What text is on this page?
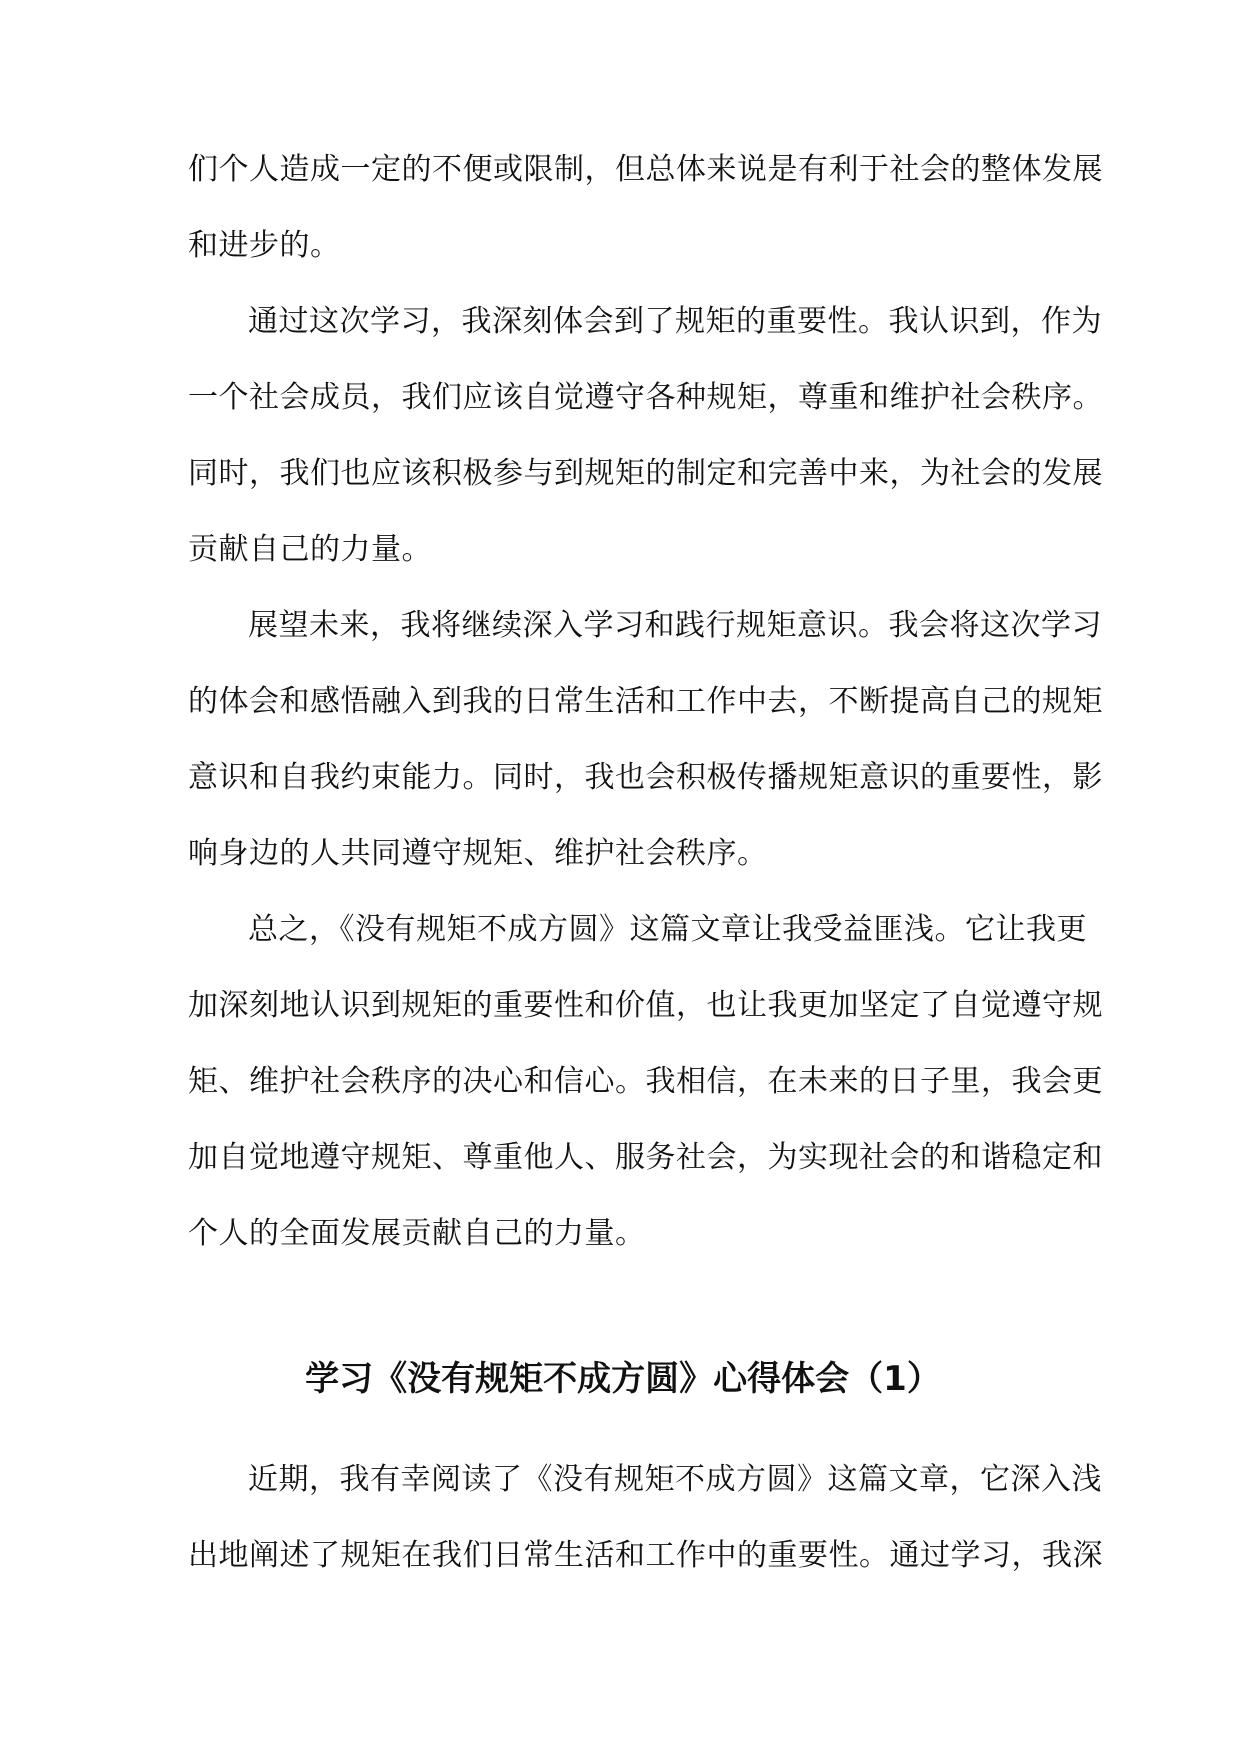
们个人造成一定的不便或限制，但总体来说是有利于社会的整体发展
和进步的。
通过这次学习，我深刻体会到了规矩的重要性。我认识到，作为
一个社会成员，我们应该自觉遵守各种规矩，尊重和维护社会秩序。
同时，我们也应该积极参与到规矩的制定和完善中来，为社会的发展
贡献自己的力量。
展望未来，我将继续深入学习和践行规矩意识。我会将这次学习
的体会和感悟融入到我的日常生活和工作中去，不断提高自己的规矩
意识和自我约束能力。同时，我也会积极传播规矩意识的重要性，影
响身边的人共同遵守规矩、维护社会秩序。
总之，《没有规矩不成方圆》这篇文章让我受益匪浅。它让我更
加深刻地认识到规矩的重要性和价值，也让我更加坚定了自觉遵守规
矩、维护社会秩序的决心和信心。我相信，在未来的日子里，我会更
加自觉地遵守规矩、尊重他人、服务社会，为实现社会的和谐稳定和
个人的全面发展贡献自己的力量。
学习《没有规矩不成方圆》心得体会（1）
近期，我有幸阅读了《没有规矩不成方圆》这篇文章，它深入浅
出地阐述了规矩在我们日常生活和工作中的重要性。通过学习，我深
